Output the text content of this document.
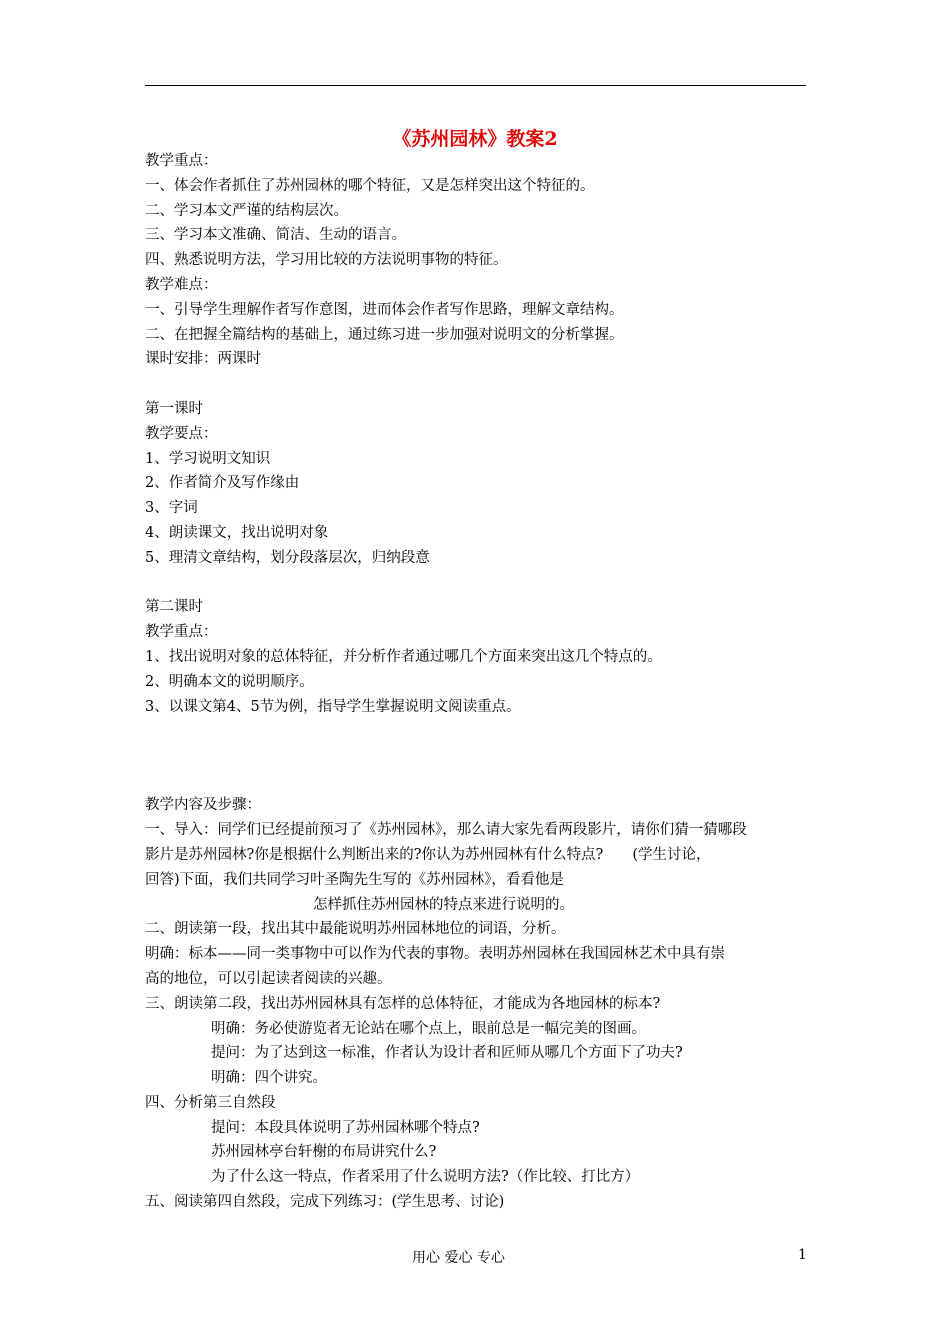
《苏州园林》教案2
教学重点：
一、体会作者抓住了苏州园林的哪个特征，又是怎样突出这个特征的。
二、学习本文严谨的结构层次。
三、学习本文准确、简洁、生动的语言。
四、熟悉说明方法，学习用比较的方法说明事物的特征。
教学难点：
一、引导学生理解作者写作意图，进而体会作者写作思路，理解文章结构。
二、在把握全篇结构的基础上，通过练习进一步加强对说明文的分析掌握。
课时安排：两课时
第一课时
教学要点：
1、学习说明文知识
2、作者简介及写作缘由
3、字词
4、朗读课文，找出说明对象
5、理清文章结构，划分段落层次，归纳段意
第二课时
教学重点：
1、找出说明对象的总体特征，并分析作者通过哪几个方面来突出这几个特点的。
2、明确本文的说明顺序。
3、以课文第4、5节为例，指导学生掌握说明文阅读重点。
教学内容及步骤：
一、导入：同学们已经提前预习了《苏州园林》，那么请大家先看两段影片，请你们猜一猜哪段
影片是苏州园林?你是根据什么判断出来的?你认为苏州园林有什么特点?　　(学生讨论，
回答)下面，我们共同学习叶圣陶先生写的《苏州园林》，看看他是
怎样抓住苏州园林的特点来进行说明的。
二、朗读第一段，找出其中最能说明苏州园林地位的词语，分析。
明确：标本——同一类事物中可以作为代表的事物。表明苏州园林在我国园林艺术中具有崇
高的地位，可以引起读者阅读的兴趣。
三、朗读第二段，找出苏州园林具有怎样的总体特征，才能成为各地园林的标本?
明确：务必使游览者无论站在哪个点上，眼前总是一幅完美的图画。
提问：为了达到这一标准，作者认为设计者和匠师从哪几个方面下了功夫?
明确：四个讲究。
四、分析第三自然段
提问：本段具体说明了苏州园林哪个特点?
苏州园林亭台轩榭的布局讲究什么?
为了什么这一特点，作者采用了什么说明方法?（作比较、打比方）
五、阅读第四自然段，完成下列练习：(学生思考、讨论)
用心 爱心 专心	1
